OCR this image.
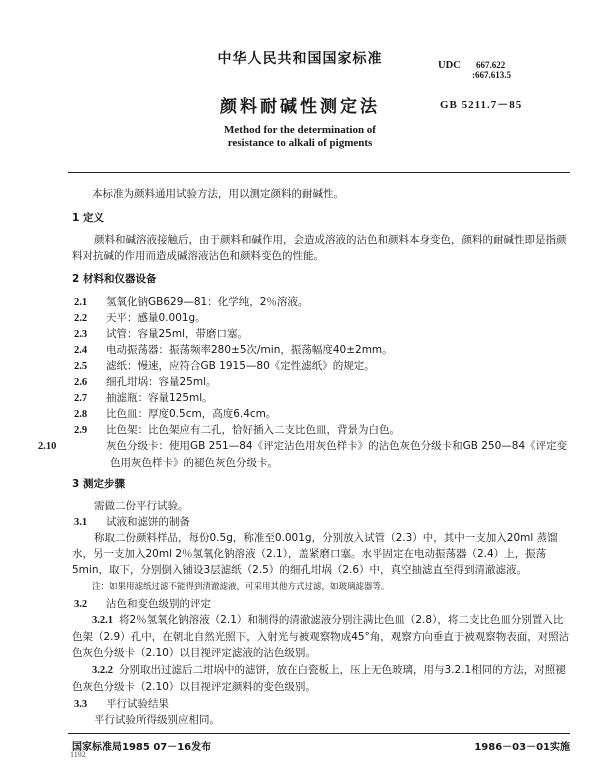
中华人民共和国国家标准	UDC 667.622
:667.613.5
颜料耐碱性测定法	GB 5211.7－85
Method for the determination of
resistance to alkali of pigments
本标准为颜料通用试验方法，用以测定颜料的耐碱性。
1 定义
颜料和碱溶液接触后，由于颜料和碱作用，会造成溶液的沾色和颜料本身变色，颜料的耐碱性即是指颜料对抗碱的作用而造成碱溶液沾色和颜料变色的性能。
2 材料和仪器设备
2.1 氢氧化钠GB629—81：化学纯，2％溶液。
2.2 天平：感量0.001g。
2.3 试管：容量25ml，带磨口塞。
2.4 电动振荡器：振荡频率280±5次/min，振荡幅度40±2mm。
2.5 滤纸：慢速，应符合GB 1915—80《定性滤纸》的规定。
2.6 细孔坩埚：容量25ml。
2.7 抽滤瓶：容量125ml。
2.8 比色皿：厚度0.5cm，高度6.4cm。
2.9 比色架：比色架应有二孔，恰好插入二支比色皿，背景为白色。
2.10	灰色分级卡：使用GB 251—84《评定沾色用灰色样卡》的沾色灰色分级卡和GB 250—84《评定变色用灰色样卡》的褪色灰色分级卡。
3 测定步骤
需做二份平行试验。
3.1 试液和滤饼的制备
称取二份颜料样品，每份0.5g，称准至0.001g，分别放入试管（2.3）中，其中一支加入20ml 蒸馏水，另一支加入20ml 2％氢氧化钠溶液（2.1），盖紧磨口塞。水平固定在电动振荡器（2.4）上，振荡5min，取下，分别倒入铺设3层滤纸（2.5）的细孔坩埚（2.6）中，真空抽滤直至得到清澈滤液。
注：如果用滤纸过滤不能得到清澈滤液，可采用其他方式过滤，如玻璃滤器等。
3.2 沾色和变色级别的评定
3.2.1 将2％氢氧化钠溶液（2.1）和制得的清澈滤液分别注满比色皿（2.8），将二支比色皿分别置入比色架（2.9）孔中，在朝北自然光照下，入射光与被观察物成45°角，观察方向垂直于被观察物表面，对照沾色灰色分级卡（2.10）以目视评定滤液的沾色级别。
3.2.2 分别取出过滤后二坩埚中的滤饼，放在白瓷板上，压上无色玻璃，用与3.2.1相同的方法，对照褪色灰色分级卡（2.10）以目视评定颜料的变色级别。
3.3 平行试验结果
平行试验所得级别应相同。
国家标准局1985 07－16发布	1986－03－01实施
1192
